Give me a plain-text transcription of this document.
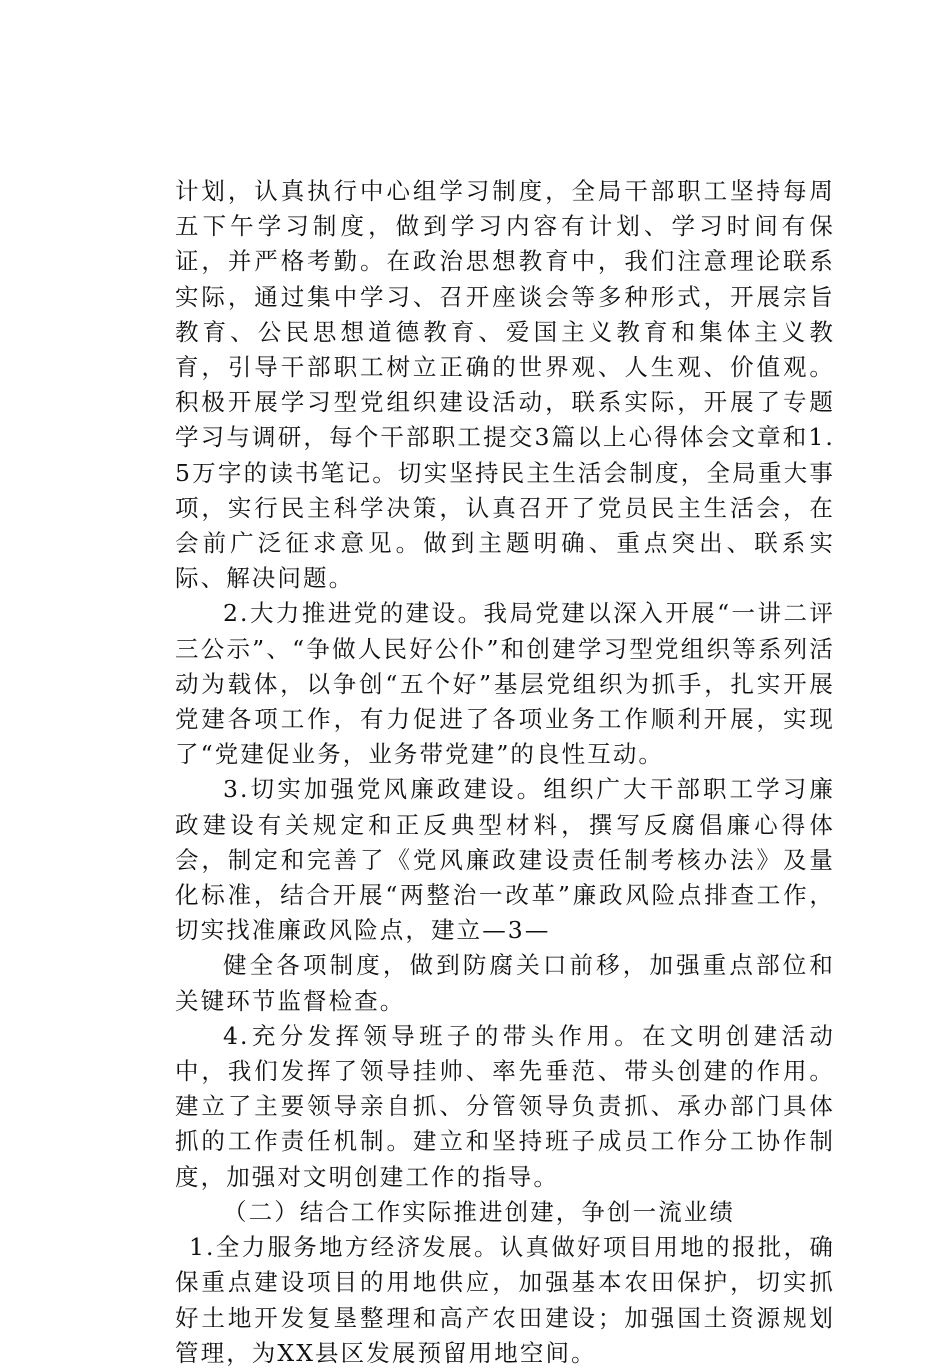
计划，认真执行中心组学习制度，全局干部职工坚持每周五下午学习制度，做到学习内容有计划、学习时间有保证，并严格考勤。在政治思想教育中，我们注意理论联系实际，通过集中学习、召开座谈会等多种形式，开展宗旨教育、公民思想道德教育、爱国主义教育和集体主义教育，引导干部职工树立正确的世界观、人生观、价值观。积极开展学习型党组织建设活动，联系实际，开展了专题学习与调研，每个干部职工提交3篇以上心得体会文章和1.5万字的读书笔记。切实坚持民主生活会制度，全局重大事项，实行民主科学决策，认真召开了党员民主生活会，在会前广泛征求意见。做到主题明确、重点突出、联系实际、解决问题。

2.大力推进党的建设。我局党建以深入开展“一讲二评三公示”、“争做人民好公仆”和创建学习型党组织等系列活动为载体，以争创“五个好”基层党组织为抓手，扎实开展党建各项工作，有力促进了各项业务工作顺利开展，实现了“党建促业务，业务带党建”的良性互动。

3.切实加强党风廉政建设。组织广大干部职工学习廉政建设有关规定和正反典型材料，撰写反腐倡廉心得体会，制定和完善了《党风廉政建设责任制考核办法》及量化标准，结合开展“两整治一改革”廉政风险点排查工作，切实找准廉政风险点，建立—3—

健全各项制度，做到防腐关口前移，加强重点部位和关键环节监督检查。

4.充分发挥领导班子的带头作用。在文明创建活动中，我们发挥了领导挂帅、率先垂范、带头创建的作用。建立了主要领导亲自抓、分管领导负责抓、承办部门具体抓的工作责任机制。建立和坚持班子成员工作分工协作制度，加强对文明创建工作的指导。

（二）结合工作实际推进创建，争创一流业绩

1.全力服务地方经济发展。认真做好项目用地的报批，确保重点建设项目的用地供应，加强基本农田保护，切实抓好土地开发复垦整理和高产农田建设；加强国土资源规划管理，为XX县区发展预留用地空间。
